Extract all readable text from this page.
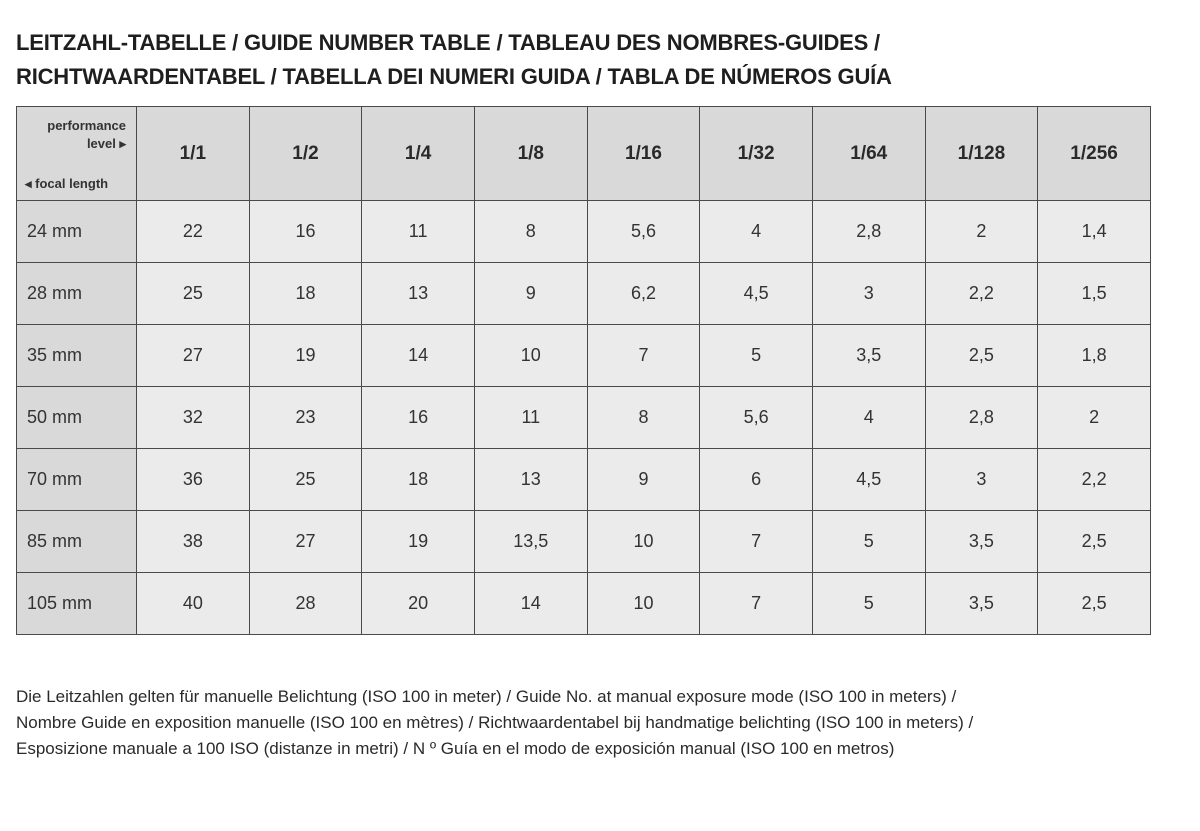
LEITZAHL-TABELLE / GUIDE NUMBER TABLE / TABLEAU DES NOMBRES-GUIDES /
RICHTWAARDENTABEL / TABELLA DEI NUMERI GUIDA / TABLA DE NÚMEROS GUÍA
performance
level ▸
◂ focal length	1/1	1/2	1/4	1/8	1/16	1/32	1/64	1/128	1/256
24 mm	22	16	11	8	5,6	4	2,8	2	1,4
28 mm	25	18	13	9	6,2	4,5	3	2,2	1,5
35 mm	27	19	14	10	7	5	3,5	2,5	1,8
50 mm	32	23	16	11	8	5,6	4	2,8	2
70 mm	36	25	18	13	9	6	4,5	3	2,2
85 mm	38	27	19	13,5	10	7	5	3,5	2,5
105 mm	40	28	20	14	10	7	5	3,5	2,5
Die Leitzahlen gelten für manuelle Belichtung (ISO 100 in meter) / Guide No. at manual exposure mode (ISO 100 in meters) /
Nombre Guide en exposition manuelle (ISO 100 en mètres) / Richtwaardentabel bij handmatige belichting (ISO 100 in meters) /
Esposizione manuale a 100 ISO (distanze in metri) / N º Guía en el modo de exposición manual (ISO 100 en metros)
